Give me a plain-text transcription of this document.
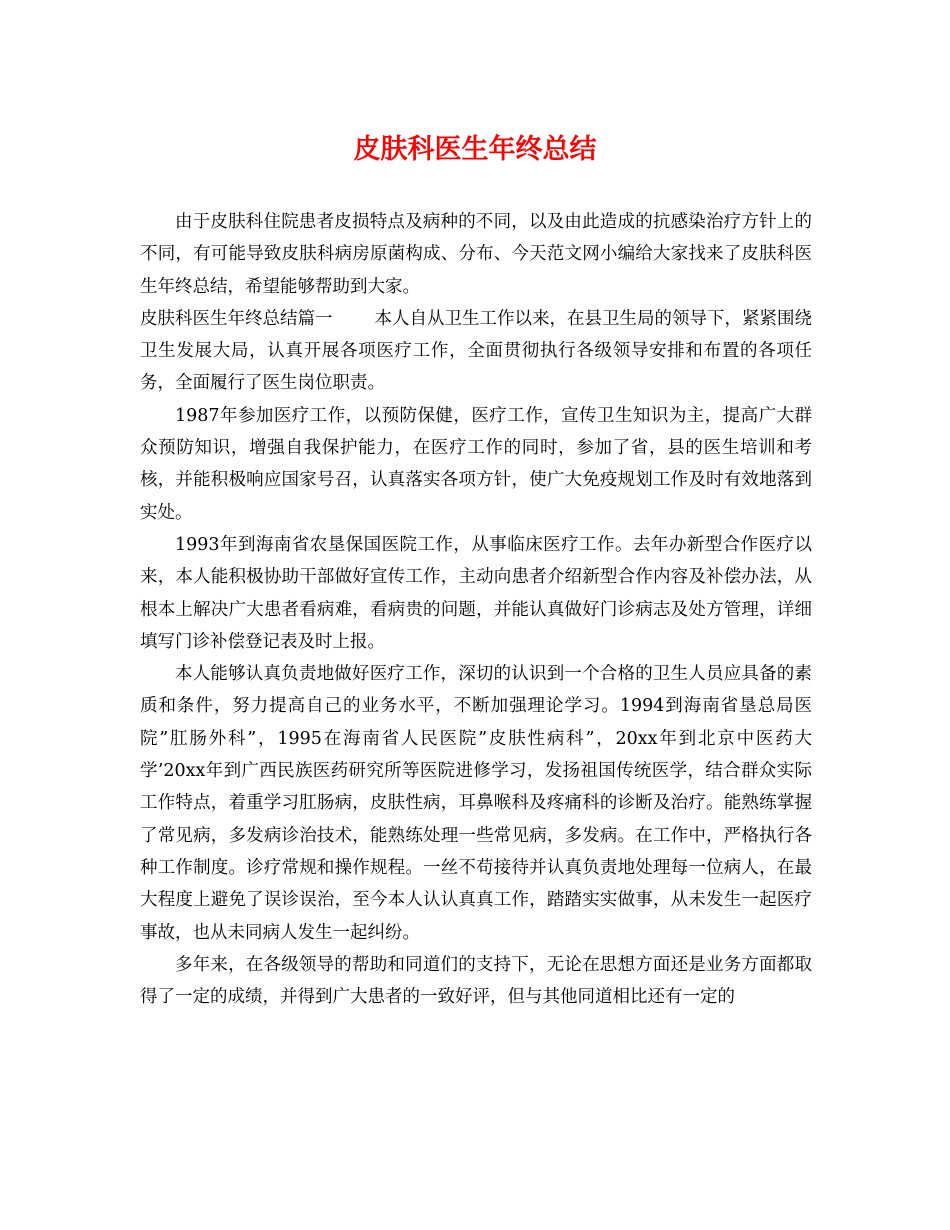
皮肤科医生年终总结

由于皮肤科住院患者皮损特点及病种的不同，以及由此造成的抗感染治疗方针上的不同，有可能导致皮肤科病房原菌构成、分布、今天范文网小编给大家找来了皮肤科医生年终总结，希望能够帮助到大家。

皮肤科医生年终总结篇一 本人自从卫生工作以来，在县卫生局的领导下，紧紧围绕卫生发展大局，认真开展各项医疗工作，全面贯彻执行各级领导安排和布置的各项任务，全面履行了医生岗位职责。

1987年参加医疗工作，以预防保健，医疗工作，宣传卫生知识为主，提高广大群众预防知识，增强自我保护能力，在医疗工作的同时，参加了省，县的医生培训和考核，并能积极响应国家号召，认真落实各项方针，使广大免疫规划工作及时有效地落到实处。

1993年到海南省农垦保国医院工作，从事临床医疗工作。去年办新型合作医疗以来，本人能积极协助干部做好宣传工作，主动向患者介绍新型合作内容及补偿办法，从根本上解决广大患者看病难，看病贵的问题，并能认真做好门诊病志及处方管理，详细填写门诊补偿登记表及时上报。

本人能够认真负责地做好医疗工作，深切的认识到一个合格的卫生人员应具备的素质和条件，努力提高自己的业务水平，不断加强理论学习。1994到海南省垦总局医院”肛肠外科”，1995在海南省人民医院”皮肤性病科”，20xx年到北京中医药大学’20xx年到广西民族医药研究所等医院进修学习，发扬祖国传统医学，结合群众实际工作特点，着重学习肛肠病，皮肤性病，耳鼻喉科及疼痛科的诊断及治疗。能熟练掌握了常见病，多发病诊治技术，能熟练处理一些常见病，多发病。在工作中，严格执行各种工作制度。诊疗常规和操作规程。一丝不苟接待并认真负责地处理每一位病人，在最大程度上避免了误诊误治，至今本人认认真真工作，踏踏实实做事，从未发生一起医疗事故，也从未同病人发生一起纠纷。

多年来，在各级领导的帮助和同道们的支持下，无论在思想方面还是业务方面都取得了一定的成绩，并得到广大患者的一致好评，但与其他同道相比还有一定的
